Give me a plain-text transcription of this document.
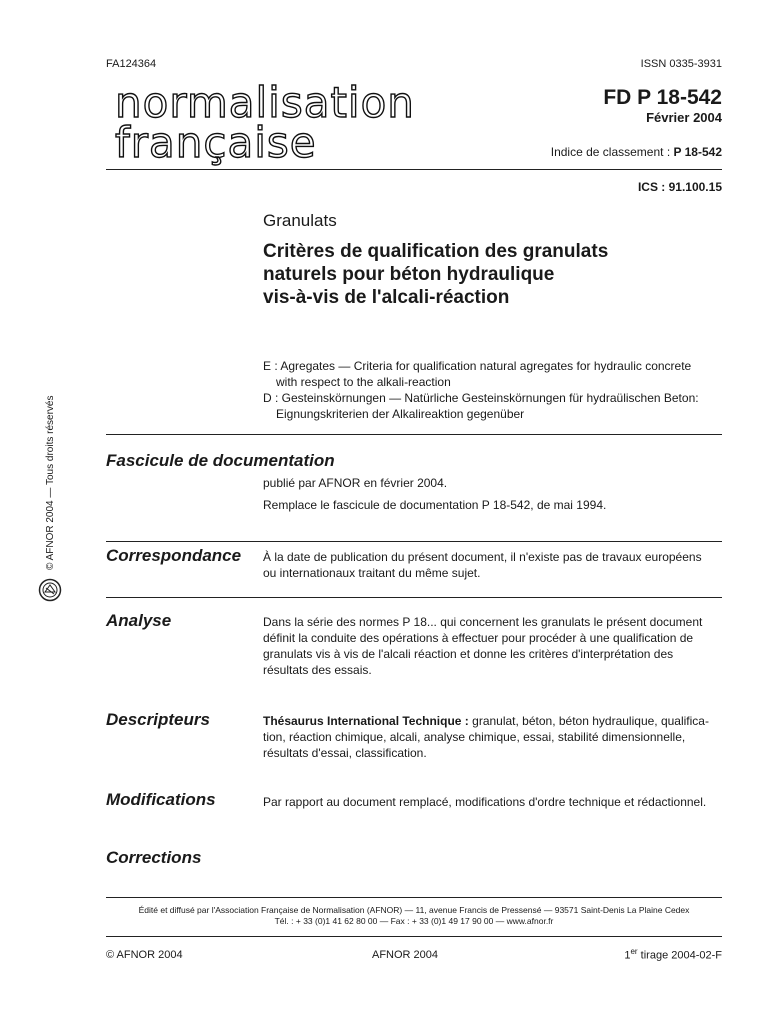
FA124364	ISSN 0335-3931
normalisation
française
FD P 18-542
Février 2004
Indice de classement : P 18-542
ICS : 91.100.15
Granulats
Critères de qualification des granulats
naturels pour béton hydraulique
vis-à-vis de l'alcali-réaction
E : Agregates — Criteria for qualification natural agregates for hydraulic concrete
with respect to the alkali-reaction
D : Gesteinskörnungen — Natürliche Gesteinskörnungen für hydraülischen Beton:
Eignungskriterien der Alkalireaktion gegenüber
Fascicule de documentation
publié par AFNOR en février 2004.
Remplace le fascicule de documentation P 18-542, de mai 1994.
Correspondance À la date de publication du présent document, il n'existe pas de travaux européens
ou internationaux traitant du même sujet.
Analyse	Dans la série des normes P 18... qui concernent les granulats le présent document
définit la conduite des opérations à effectuer pour procéder à une qualification de
granulats vis à vis de l'alcali réaction et donne les critères d'interprétation des
résultats des essais.
Descripteurs	Thésaurus International Technique : granulat, béton, béton hydraulique, qualifica-
tion, réaction chimique, alcali, analyse chimique, essai, stabilité dimensionnelle,
résultats d'essai, classification.
Modifications	Par rapport au document remplacé, modifications d'ordre technique et rédactionnel.
Corrections
Édité et diffusé par l'Association Française de Normalisation (AFNOR) — 11, avenue Francis de Pressensé — 93571 Saint-Denis La Plaine Cedex
Tél. : + 33 (0)1 41 62 80 00 — Fax : + 33 (0)1 49 17 90 00 — www.afnor.fr
© AFNOR 2004	AFNOR 2004	1er tirage 2004-02-F
© AFNOR 2004 — Tous droits réservés
